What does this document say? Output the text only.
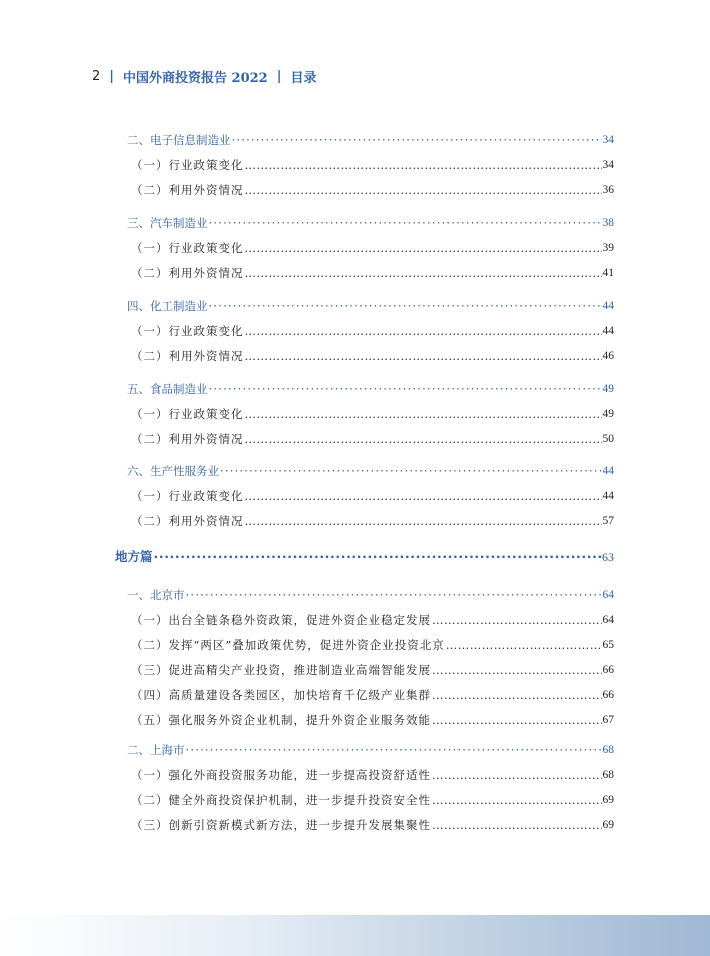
2 | 中国外商投资报告 2022 | 目录
二、电子信息制造业 ·····	34
（一）行业政策变化 …………………………………………………………………………………………………………………………………………………………………………………………	34
（二）利用外资情况 …………………………………………………………………………………………………………………………………………………………………………………………	36
三、汽车制造业 ·····	38
（一）行业政策变化 …………………………………………………………………………………………………………………………………………………………………………………………	39
（二）利用外资情况 …………………………………………………………………………………………………………………………………………………………………………………………	41
四、化工制造业 ·····	44
（一）行业政策变化 …………………………………………………………………………………………………………………………………………………………………………………………	44
（二）利用外资情况 …………………………………………………………………………………………………………………………………………………………………………………………	46
五、食品制造业 ·····	49
（一）行业政策变化 …………………………………………………………………………………………………………………………………………………………………………………………	49
（二）利用外资情况 …………………………………………………………………………………………………………………………………………………………………………………………	50
六、生产性服务业 ·····	44
（一）行业政策变化 …………………………………………………………………………………………………………………………………………………………………………………………	44
（二）利用外资情况 …………………………………………………………………………………………………………………………………………………………………………………………	57
地方篇 ·····	63
一、北京市 ·····	64
（一）出台全链条稳外资政策，促进外资企业稳定发展 …………………………………………………………………………………………………………………………………………………………………………………………	64
（二）发挥“两区”叠加政策优势，促进外资企业投资北京 …………………………………………………………………………………………………………………………………………………………………………………………	65
（三）促进高精尖产业投资，推进制造业高端智能发展 …………………………………………………………………………………………………………………………………………………………………………………………	66
（四）高质量建设各类园区，加快培育千亿级产业集群 …………………………………………………………………………………………………………………………………………………………………………………………	66
（五）强化服务外资企业机制，提升外资企业服务效能 …………………………………………………………………………………………………………………………………………………………………………………………	67
二、上海市 ·····	68
（一）强化外商投资服务功能，进一步提高投资舒适性 …………………………………………………………………………………………………………………………………………………………………………………………	68
（二）健全外商投资保护机制，进一步提升投资安全性 …………………………………………………………………………………………………………………………………………………………………………………………	69
（三）创新引资新模式新方法，进一步提升发展集聚性 …………………………………………………………………………………………………………………………………………………………………………………………	69
